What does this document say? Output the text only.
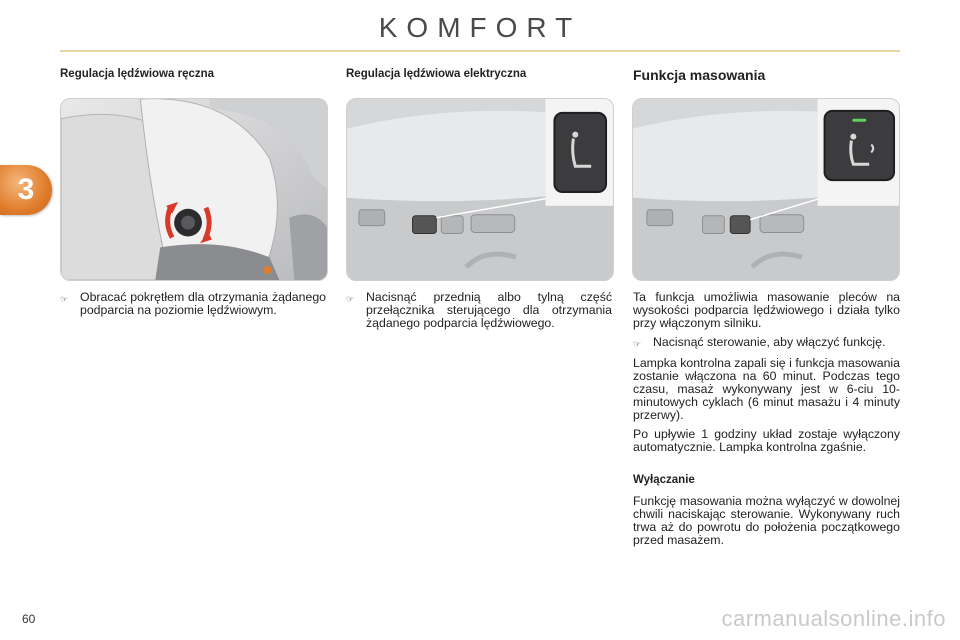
KOMFORT
3
Regulacja lędźwiowa ręczna
☞ Obracać pokrętłem dla otrzymania żądanego podparcia na poziomie lędźwiowym.
Regulacja lędźwiowa elektryczna
☞ Nacisnąć przednią albo tylną część przełącznika sterującego dla otrzymania żądanego podparcia lędźwiowego.
Funkcja masowania

Ta funkcja umożliwia masowanie pleców na wysokości podparcia lędźwiowego i działa tylko przy włączonym silniku.

☞ Nacisnąć sterowanie, aby włączyć funkcję.

Lampka kontrolna zapali się i funkcja masowania zostanie włączona na 60 minut. Podczas tego czasu, masaż wykonywany jest w 6-ciu 10-minutowych cyklach (6 minut masażu i 4 minuty przerwy).

Po upływie 1 godziny układ zostaje wyłączony automatycznie. Lampka kontrolna zgaśnie.

Wyłączanie

Funkcję masowania można wyłączyć w dowolnej chwili naciskając sterowanie. Wykonywany ruch trwa aż do powrotu do położenia początkowego przed masażem.

60	carmanualsonline.info
